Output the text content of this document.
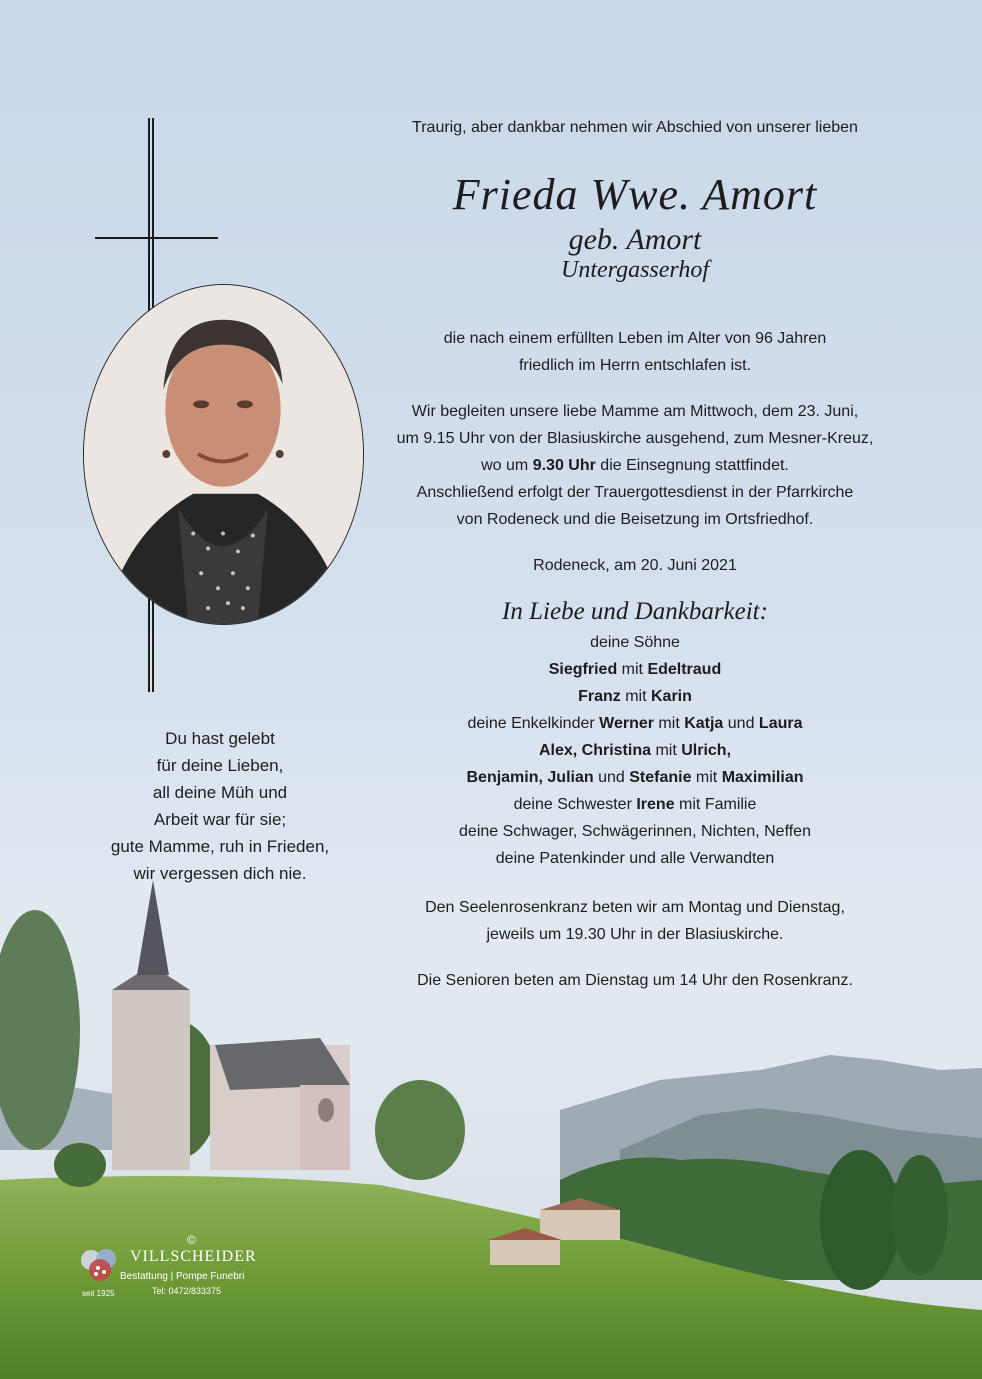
Du hast gelebt
für deine Lieben,
all deine Müh und
Arbeit war für sie;
gute Mamme, ruh in Frieden,
wir vergessen dich nie.
Traurig, aber dankbar nehmen wir Abschied von unserer lieben
Frieda Wwe. Amort
geb. Amort
Untergasserhof
die nach einem erfüllten Leben im Alter von 96 Jahren
friedlich im Herrn entschlafen ist.
Wir begleiten unsere liebe Mamme am Mittwoch, dem 23. Juni,
um 9.15 Uhr von der Blasiuskirche ausgehend, zum Mesner-Kreuz,
wo um 9.30 Uhr die Einsegnung stattfindet.
Anschließend erfolgt der Trauergottesdienst in der Pfarrkirche
von Rodeneck und die Beisetzung im Ortsfriedhof.
Rodeneck, am 20. Juni 2021
In Liebe und Dankbarkeit:
deine Söhne
Siegfried mit Edeltraud
Franz mit Karin
deine Enkelkinder Werner mit Katja und Laura
Alex, Christina mit Ulrich,
Benjamin, Julian und Stefanie mit Maximilian
deine Schwester Irene mit Familie
deine Schwager, Schwägerinnen, Nichten, Neffen
deine Patenkinder und alle Verwandten
Den Seelenrosenkranz beten wir am Montag und Dienstag,
jeweils um 19.30 Uhr in der Blasiuskirche.
Die Senioren beten am Dienstag um 14 Uhr den Rosenkranz.
©
VILLSCHEIDER
Bestattung | Pompe Funebri
Tel: 0472/833375
seit 1925
